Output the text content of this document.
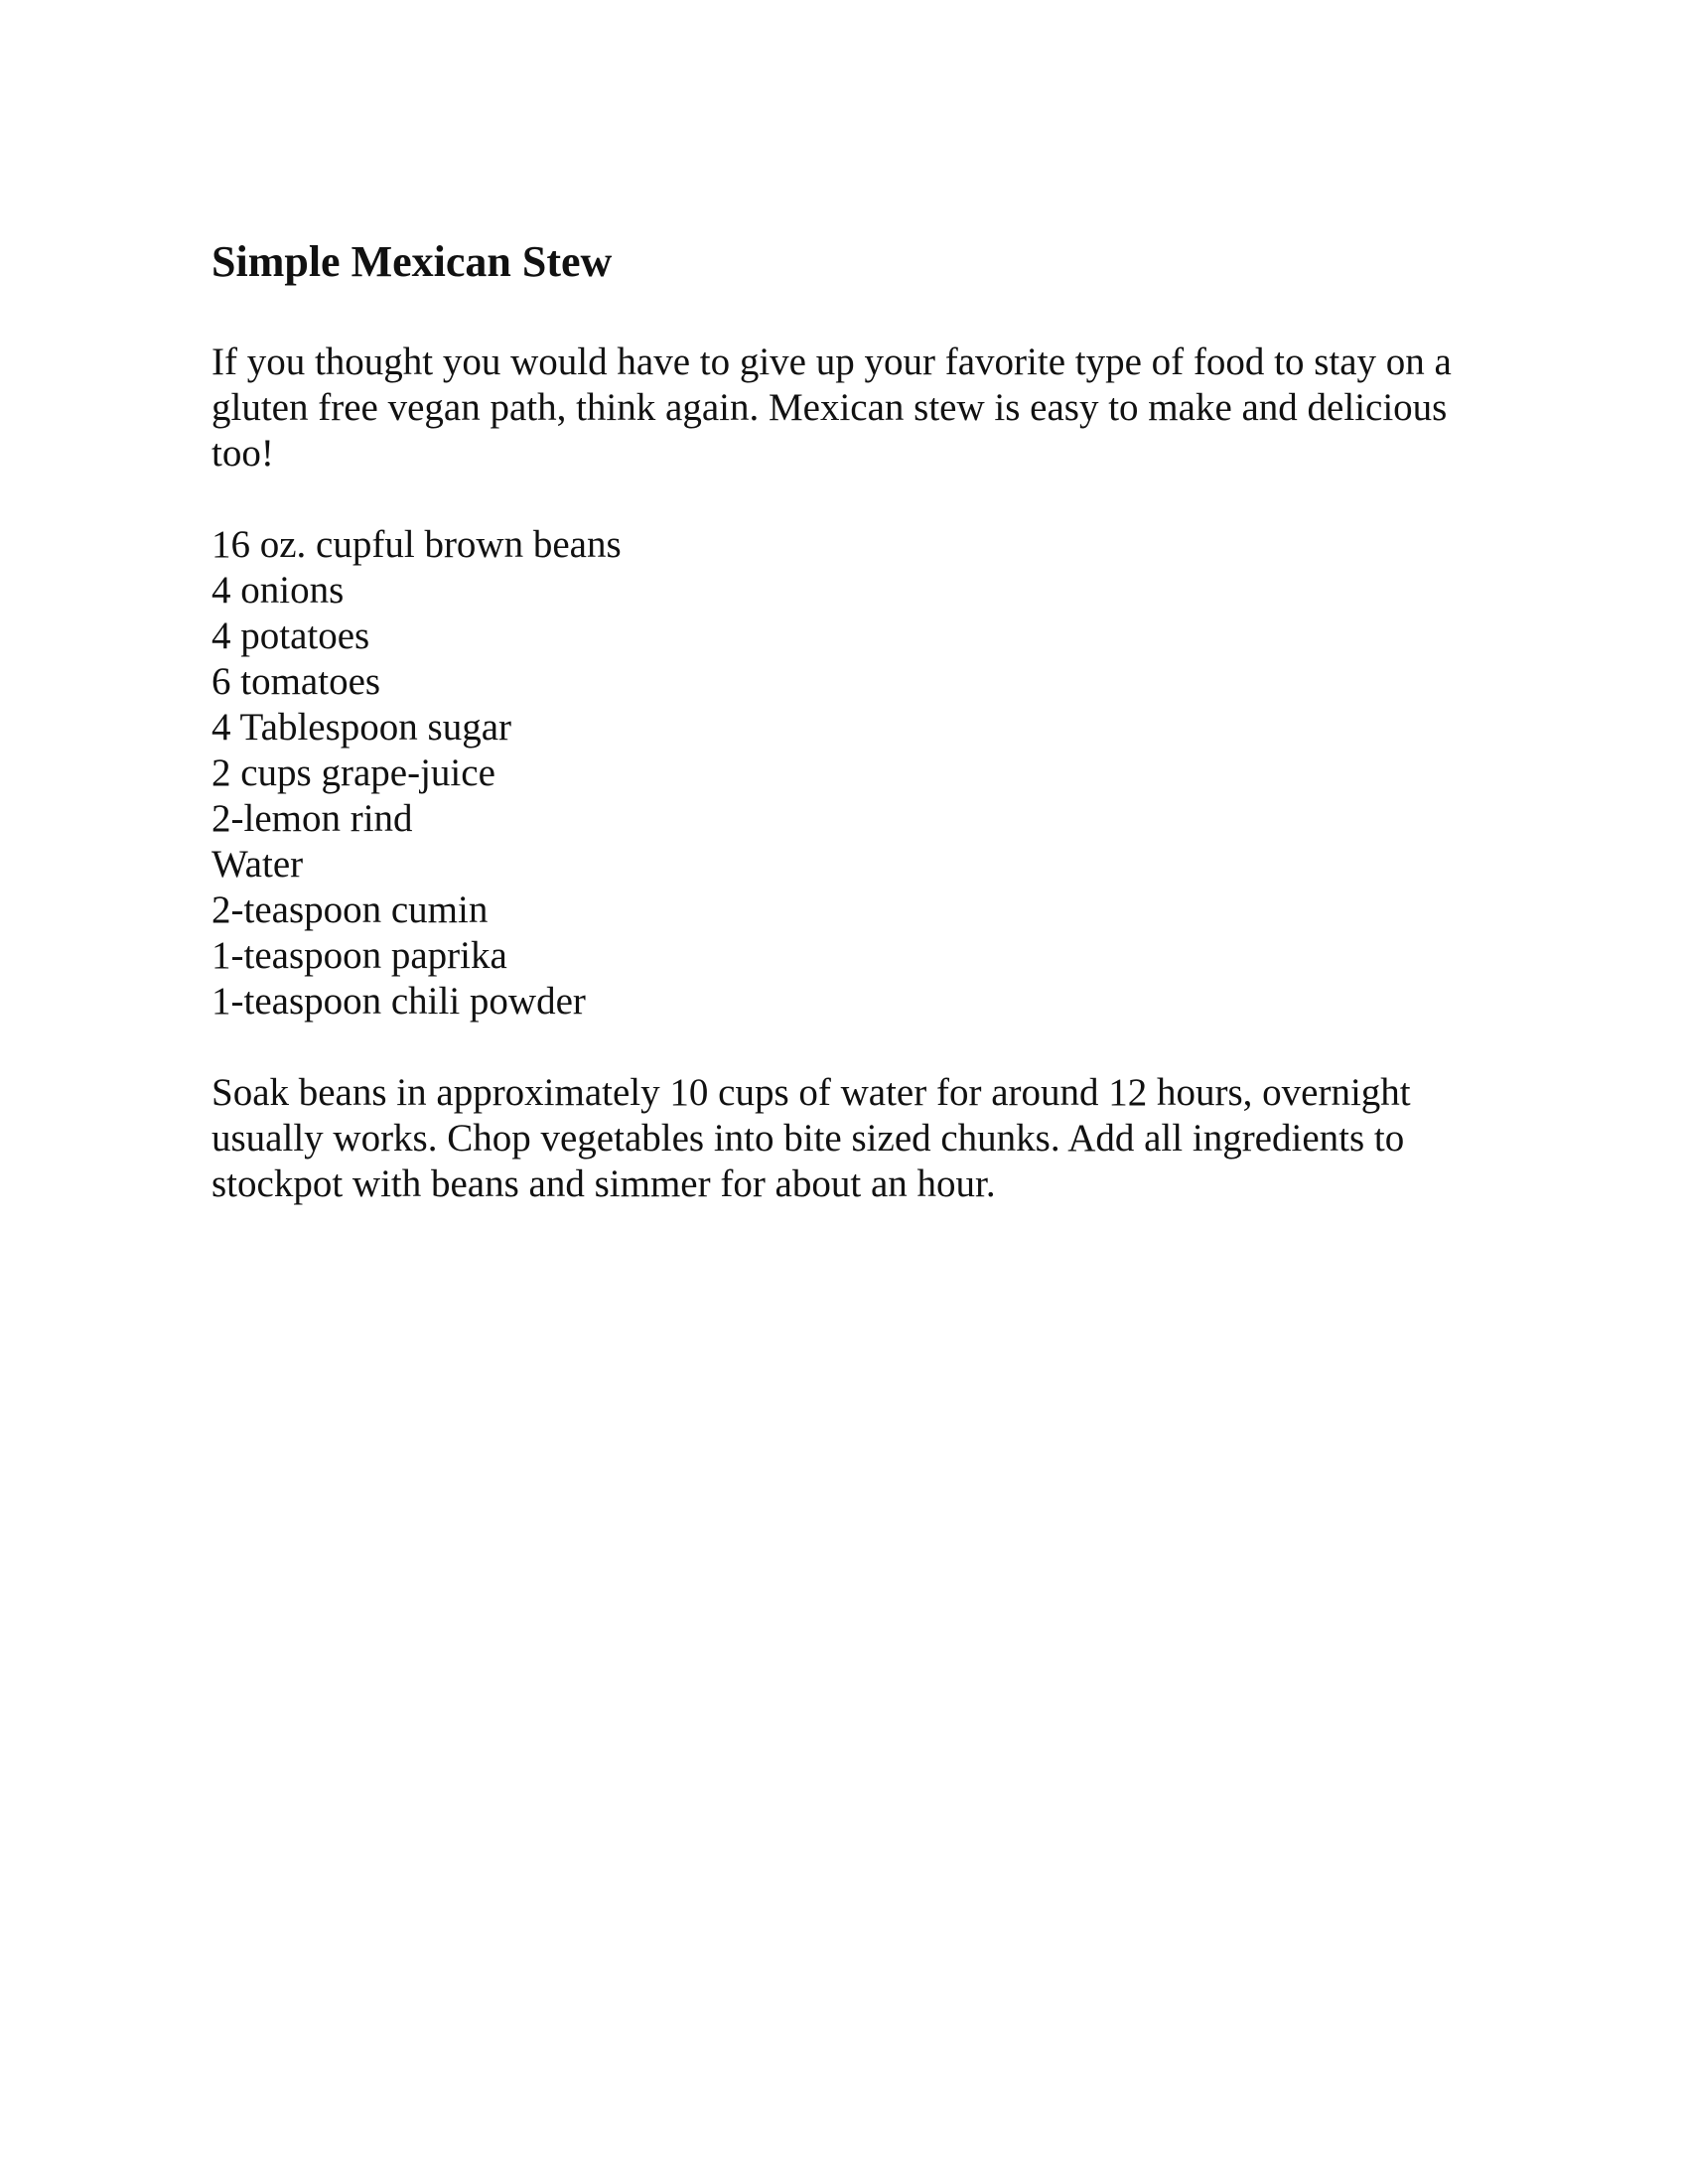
Simple Mexican Stew

If you thought you would have to give up your favorite type of food to stay on a gluten free vegan path, think again. Mexican stew is easy to make and delicious too!

16 oz. cupful brown beans
4 onions
4 potatoes
6 tomatoes
4 Tablespoon sugar
2 cups grape-juice
2-lemon rind
Water
2-teaspoon cumin
1-teaspoon paprika
1-teaspoon chili powder

Soak beans in approximately 10 cups of water for around 12 hours, overnight usually works. Chop vegetables into bite sized chunks. Add all ingredients to stockpot with beans and simmer for about an hour.
